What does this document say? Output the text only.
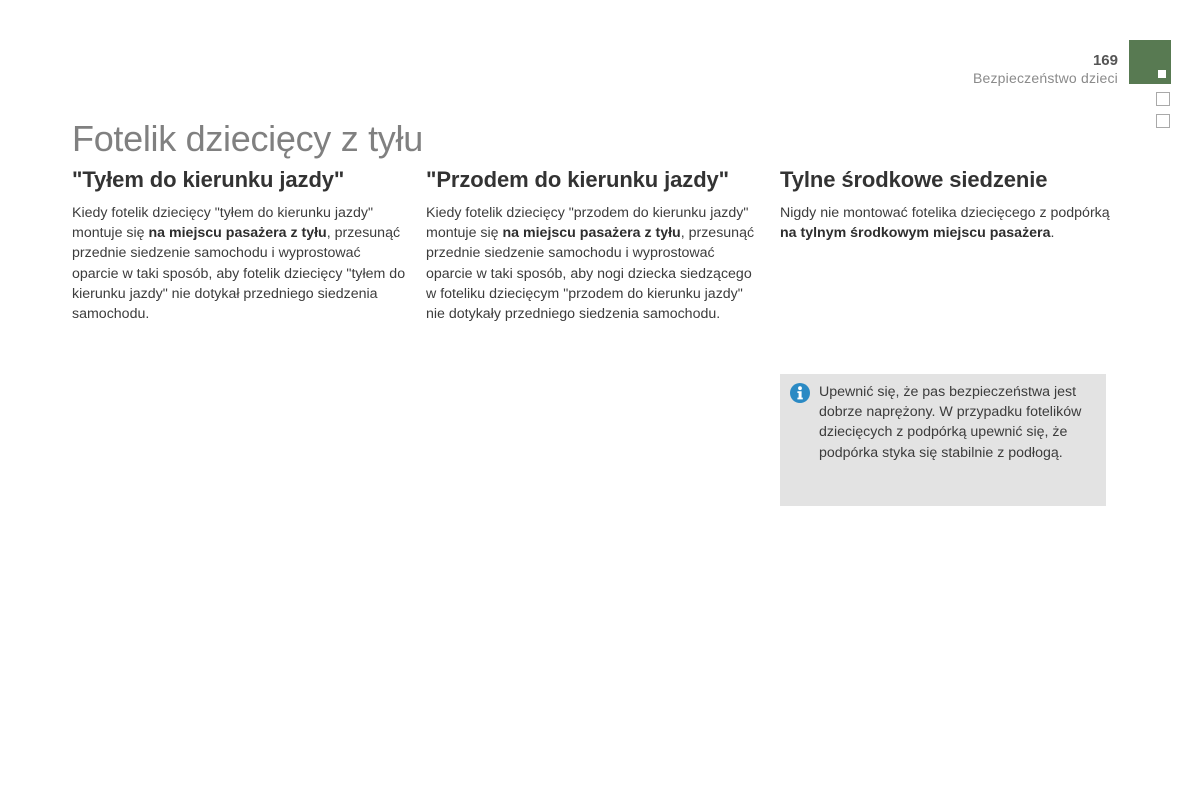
169
Bezpieczeństwo dzieci
Fotelik dziecięcy z tyłu
"Tyłem do kierunku jazdy"

Kiedy fotelik dziecięcy "tyłem do kierunku jazdy" montuje się na miejscu pasażera z tyłu, przesunąć przednie siedzenie samochodu i wyprostować oparcie w taki sposób, aby fotelik dziecięcy "tyłem do kierunku jazdy" nie dotykał przedniego siedzenia samochodu.

"Przodem do kierunku jazdy"

Kiedy fotelik dziecięcy "przodem do kierunku jazdy" montuje się na miejscu pasażera z tyłu, przesunąć przednie siedzenie samochodu i wyprostować oparcie w taki sposób, aby nogi dziecka siedzącego w foteliku dziecięcym "przodem do kierunku jazdy" nie dotykały przedniego siedzenia samochodu.

Tylne środkowe siedzenie

Nigdy nie montować fotelika dziecięcego z podpórką na tylnym środkowym miejscu pasażera.

Upewnić się, że pas bezpieczeństwa jest dobrze naprężony. W przypadku fotelików dziecięcych z podpórką upewnić się, że podpórka styka się stabilnie z podłogą.
